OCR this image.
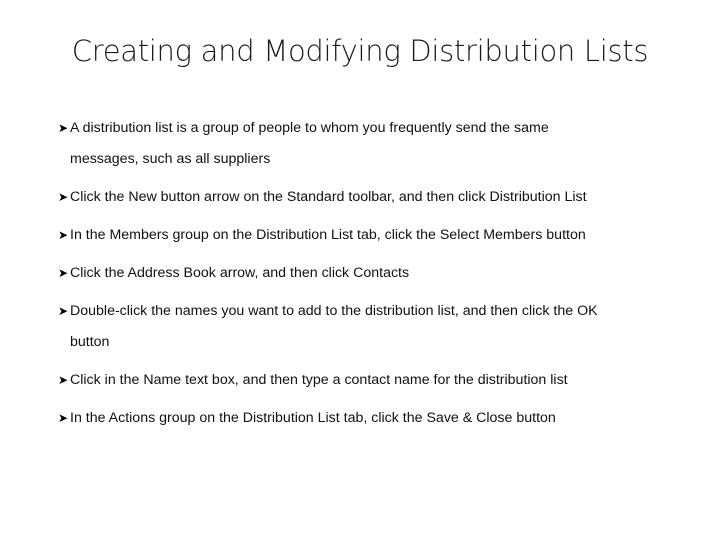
Creating and Modifying Distribution Lists
➤ A distribution list is a group of people to whom you frequently send the same
messages, such as all suppliers
➤ Click the New button arrow on the Standard toolbar, and then click Distribution List
➤ In the Members group on the Distribution List tab, click the Select Members button
➤ Click the Address Book arrow, and then click Contacts
➤ Double-click the names you want to add to the distribution list, and then click the OK
button
➤ Click in the Name text box, and then type a contact name for the distribution list
➤ In the Actions group on the Distribution List tab, click the Save & Close button
